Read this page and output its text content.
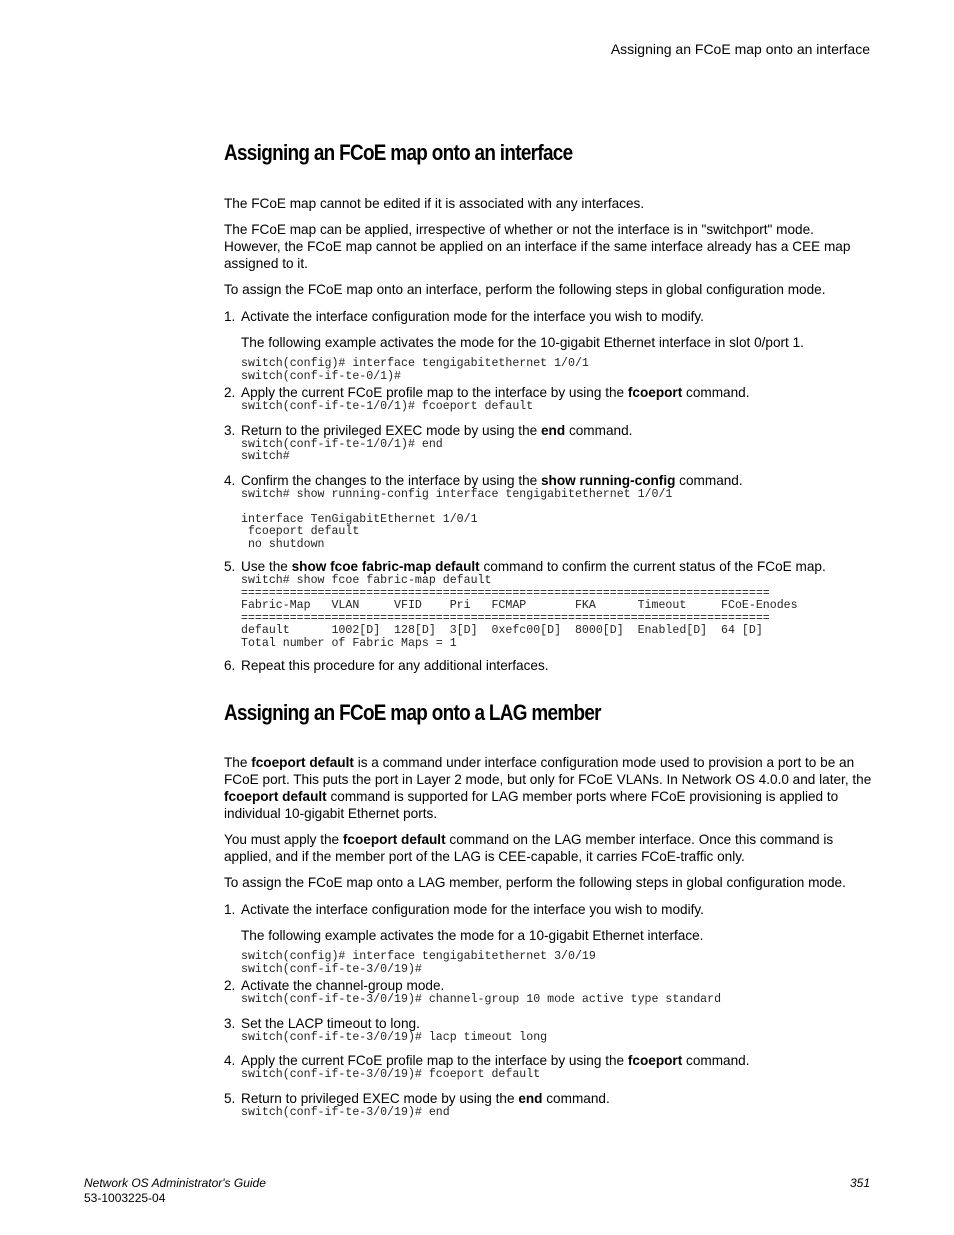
Assigning an FCoE map onto an interface
Assigning an FCoE map onto an interface

The FCoE map cannot be edited if it is associated with any interfaces.

The FCoE map can be applied, irrespective of whether or not the interface is in "switchport" mode. However, the FCoE map cannot be applied on an interface if the same interface already has a CEE map assigned to it.

To assign the FCoE map onto an interface, perform the following steps in global configuration mode.

1. Activate the interface configuration mode for the interface you wish to modify.

The following example activates the mode for the 10-gigabit Ethernet interface in slot 0/port 1.

switch(config)# interface tengigabitethernet 1/0/1
switch(conf-if-te-0/1)#
2. Apply the current FCoE profile map to the interface by using the fcoeport command.
switch(conf-if-te-1/0/1)# fcoeport default
3. Return to the privileged EXEC mode by using the end command.
switch(conf-if-te-1/0/1)# end
switch#
4. Confirm the changes to the interface by using the show running-config command.
switch# show running-config interface tengigabitethernet 1/0/1

interface TenGigabitEthernet 1/0/1
fcoeport default
no shutdown
5. Use the show fcoe fabric-map default command to confirm the current status of the FCoE map.
switch# show fcoe fabric-map default
============================================================================
Fabric-Map   VLAN     VFID    Pri   FCMAP       FKA      Timeout     FCoE-Enodes
============================================================================
default      1002[D]  128[D]  3[D]  0xefc00[D]  8000[D]  Enabled[D]  64 [D]
Total number of Fabric Maps = 1
6. Repeat this procedure for any additional interfaces.
Assigning an FCoE map onto a LAG member

The fcoeport default is a command under interface configuration mode used to provision a port to be an FCoE port. This puts the port in Layer 2 mode, but only for FCoE VLANs. In Network OS 4.0.0 and later, the fcoeport default command is supported for LAG member ports where FCoE provisioning is applied to individual 10-gigabit Ethernet ports.

You must apply the fcoeport default command on the LAG member interface. Once this command is applied, and if the member port of the LAG is CEE-capable, it carries FCoE-traffic only.

To assign the FCoE map onto a LAG member, perform the following steps in global configuration mode.

1. Activate the interface configuration mode for the interface you wish to modify.

The following example activates the mode for a 10-gigabit Ethernet interface.

switch(config)# interface tengigabitethernet 3/0/19
switch(conf-if-te-3/0/19)#
2. Activate the channel-group mode.
switch(conf-if-te-3/0/19)# channel-group 10 mode active type standard
3. Set the LACP timeout to long.
switch(conf-if-te-3/0/19)# lacp timeout long
4. Apply the current FCoE profile map to the interface by using the fcoeport command.
switch(conf-if-te-3/0/19)# fcoeport default
5. Return to privileged EXEC mode by using the end command.
switch(conf-if-te-3/0/19)# end
Network OS Administrator's Guide
53-1003225-04
351
